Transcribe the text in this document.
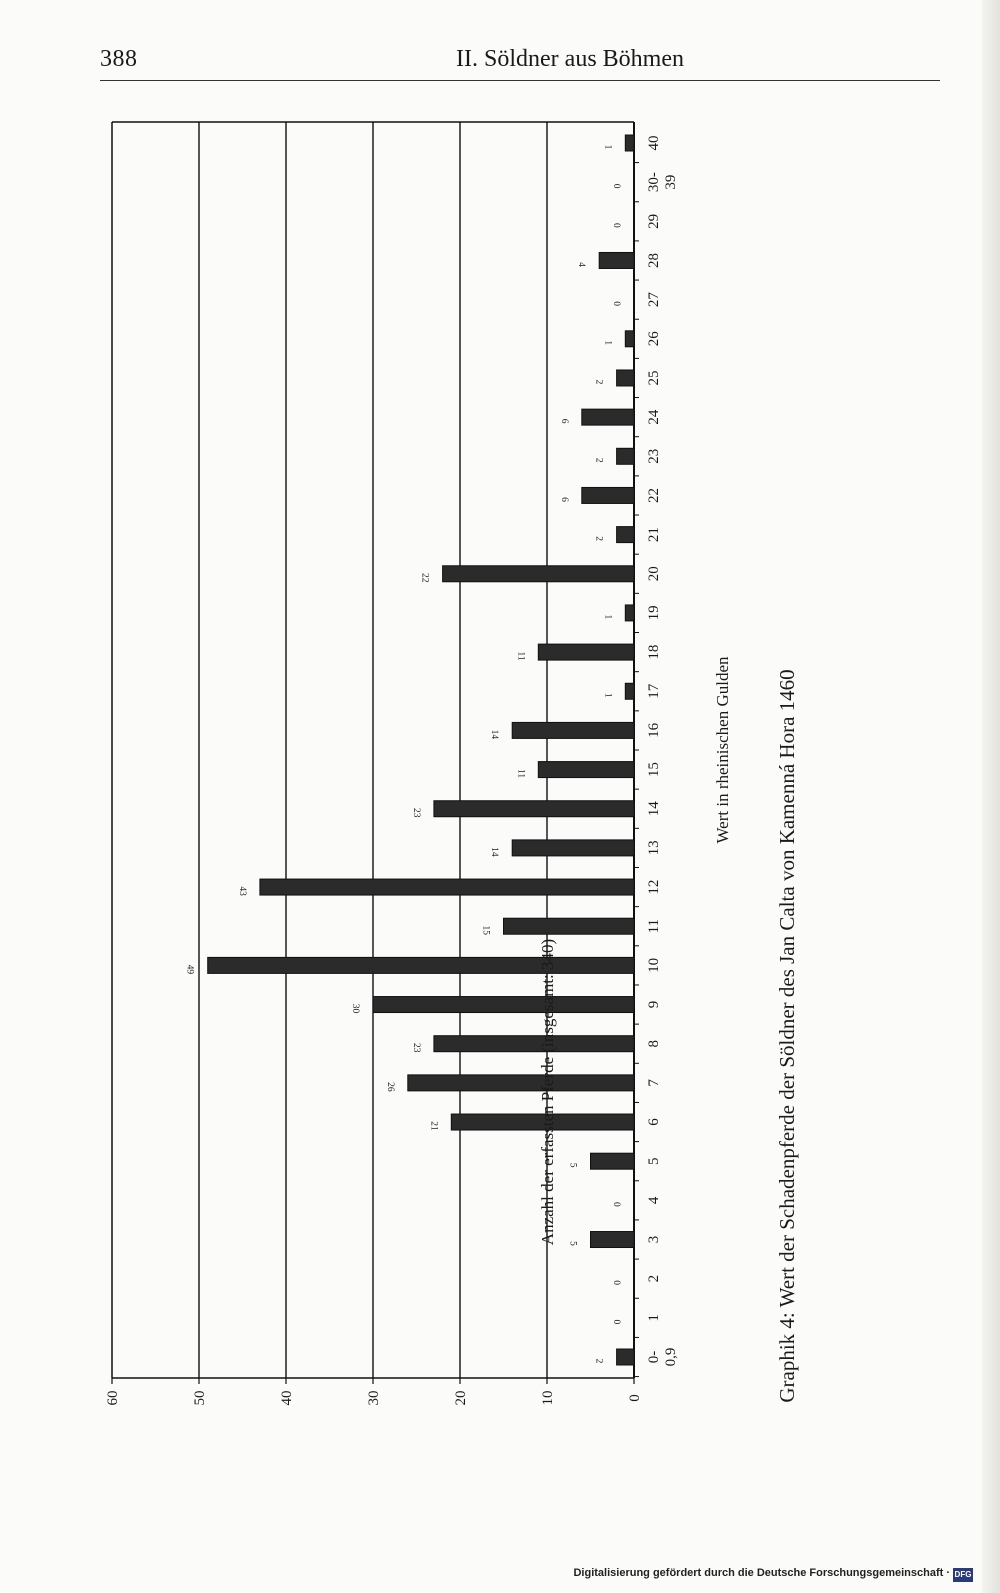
388	II. Söldner aus Böhmen
0
10
20
30
40
50
60
2	0-0,9
0
1
0
2
5
3
0
4
5
5
21	6
26	7
23	8
30	9
49	10
15	11
43	12
14	13
23	14
11	15
14	16
1 17
11	18
1 19
22	20
2	21
6	22
2	23
6	24
2	25
1 26
0 27
4	28
0 29
0 30-39
1 40
Anzahl der erfassten Pferde (insgesamt: 340)
Wert in rheinischen Gulden Graphik 4: Wert der Schadenpferde der Söldner des Jan Calta von Kamenná Hora 1460
Digitalisierung gefördert durch die Deutsche Forschungsgemeinschaft · DFG
